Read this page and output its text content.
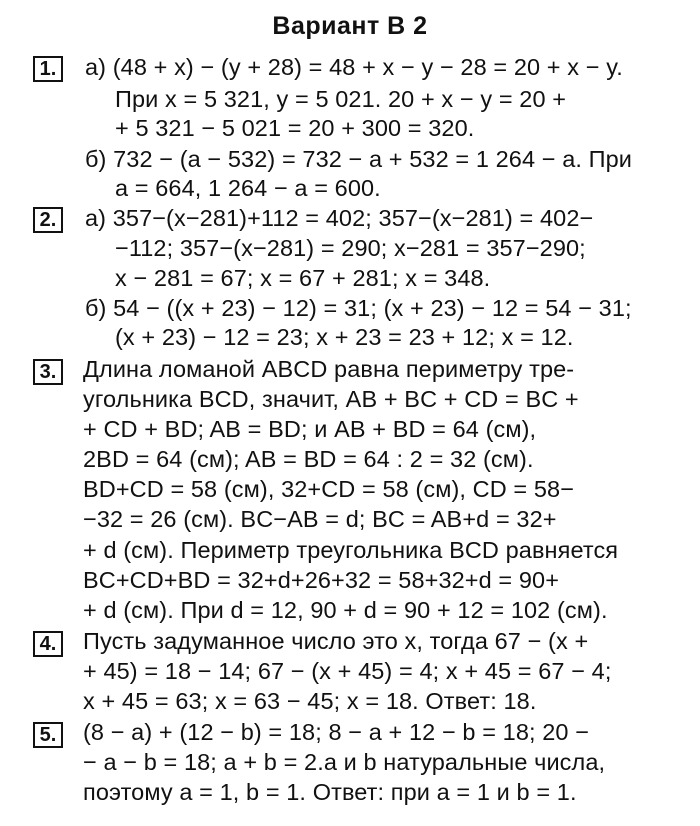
Вариант В 2
1. а) (48 + x) − (y + 28) = 48 + x − y − 28 = 20 + x − y.
При x = 5 321, y = 5 021. 20 + x − y = 20 +
+ 5 321 − 5 021 = 20 + 300 = 320.
б) 732 − (a − 532) = 732 − a + 532 = 1 264 − a. При
a = 664, 1 264 − a = 600.
2. а) 357−(x−281)+112 = 402; 357−(x−281) = 402−
−112; 357−(x−281) = 290; x−281 = 357−290;
x − 281 = 67; x = 67 + 281; x = 348.
б) 54 − ((x + 23) − 12) = 31; (x + 23) − 12 = 54 − 31;
(x + 23) − 12 = 23; x + 23 = 23 + 12; x = 12.
3. Длина ломаной ABCD равна периметру тре-
угольника BCD, значит, AB + BC + CD = BC +
+ CD + BD; AB = BD; и AB + BD = 64 (см),
2BD = 64 (см); AB = BD = 64 : 2 = 32 (см).
BD+CD = 58 (см), 32+CD = 58 (см), CD = 58−
−32 = 26 (см). BC−AB = d; BC = AB+d = 32+
+ d (см). Периметр треугольника BCD равняется
BC+CD+BD = 32+d+26+32 = 58+32+d = 90+
+ d (см). При d = 12, 90 + d = 90 + 12 = 102 (см).
4. Пусть задуманное число это x, тогда 67 − (x +
+ 45) = 18 − 14; 67 − (x + 45) = 4; x + 45 = 67 − 4;
x + 45 = 63; x = 63 − 45; x = 18. Ответ: 18.
5. (8 − a) + (12 − b) = 18; 8 − a + 12 − b = 18; 20 −
− a − b = 18; a + b = 2.a и b натуральные числа,
поэтому a = 1, b = 1. Ответ: при a = 1 и b = 1.
